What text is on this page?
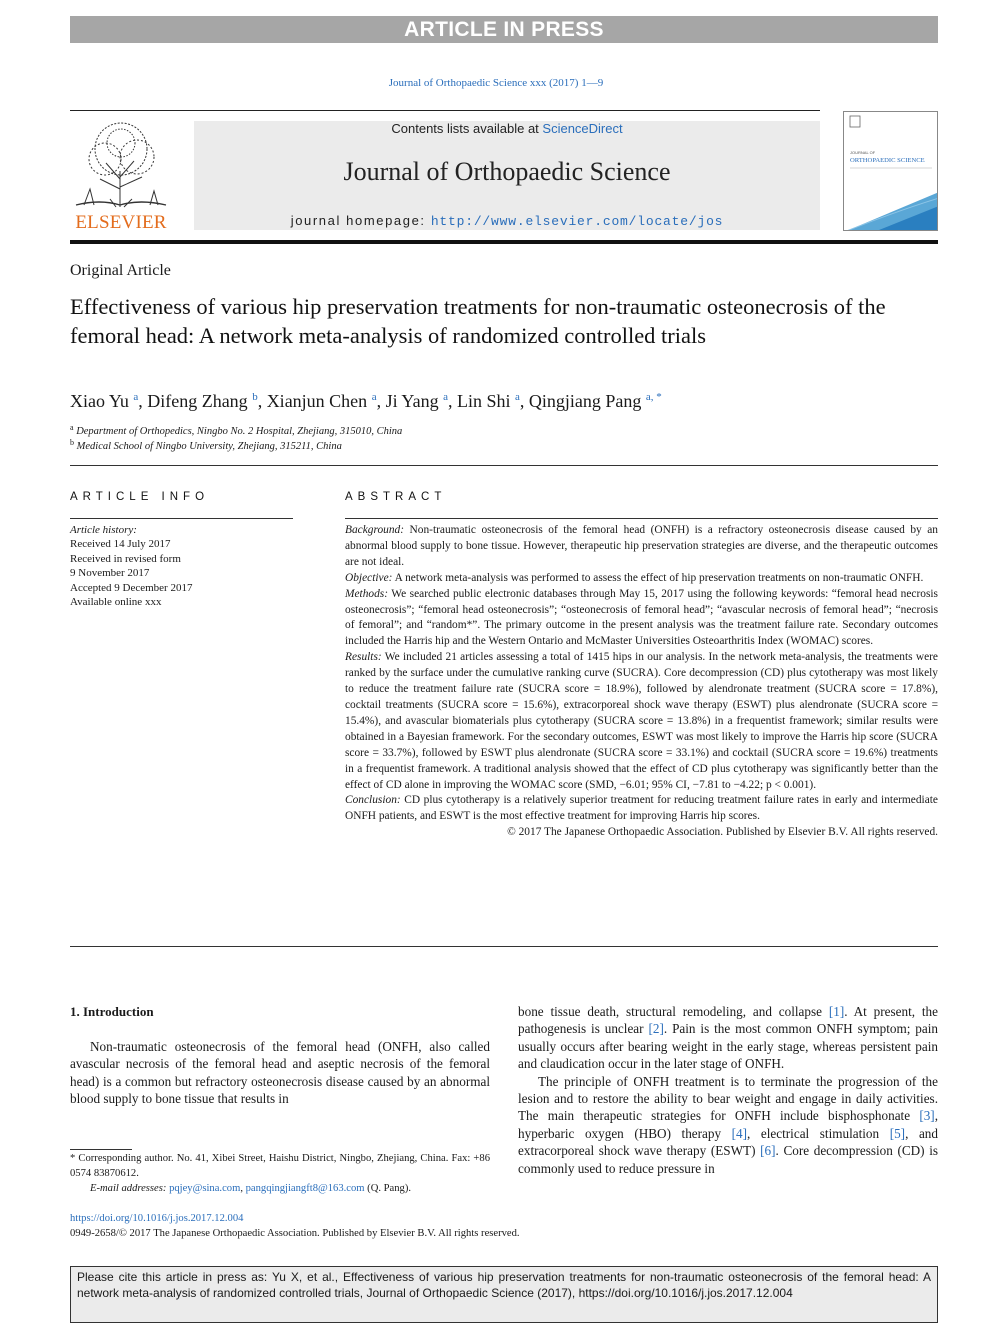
ARTICLE IN PRESS
Journal of Orthopaedic Science xxx (2017) 1—9
ELSEVIER
Contents lists available at ScienceDirect
Journal of Orthopaedic Science
journal homepage: http://www.elsevier.com/locate/jos
JOURNAL OF
ORTHOPAEDIC SCIENCE
Original Article
Effectiveness of various hip preservation treatments for non-traumatic osteonecrosis of the femoral head: A network meta-analysis of randomized controlled trials
Xiao Yu $^a$, Difeng Zhang $^b$, Xianjun Chen $^a$, Ji Yang $^a$, Lin Shi $^a$, Qingjiang Pang $^{a, *}$
$^a$ Department of Orthopedics, Ningbo No. 2 Hospital, Zhejiang, 315010, China
$^b$ Medical School of Ningbo University, Zhejiang, 315211, China
ARTICLE INFO	ABSTRACT
Article history:
Received 14 July 2017
Received in revised form
9 November 2017
Accepted 9 December 2017
Available online xxx

Background: Non-traumatic osteonecrosis of the femoral head (ONFH) is a refractory osteonecrosis disease caused by an abnormal blood supply to bone tissue. However, therapeutic hip preservation strategies are diverse, and the therapeutic outcomes are not ideal.

Objective: A network meta-analysis was performed to assess the effect of hip preservation treatments on non-traumatic ONFH.

Methods: We searched public electronic databases through May 15, 2017 using the following keywords: “femoral head necrosis osteonecrosis”; “femoral head osteonecrosis”; “osteonecrosis of femoral head”; “avascular necrosis of femoral head”; “necrosis of femoral”; and “random*”. The primary outcome in the present analysis was the treatment failure rate. Secondary outcomes included the Harris hip and the Western Ontario and McMaster Universities Osteoarthritis Index (WOMAC) scores.

Results: We included 21 articles assessing a total of 1415 hips in our analysis. In the network meta-analysis, the treatments were ranked by the surface under the cumulative ranking curve (SUCRA). Core decompression (CD) plus cytotherapy was most likely to reduce the treatment failure rate (SUCRA score = 18.9%), followed by alendronate treatment (SUCRA score = 17.8%), cocktail treatments (SUCRA score = 15.6%), extracorporeal shock wave therapy (ESWT) plus alendronate (SUCRA score = 15.4%), and avascular biomaterials plus cytotherapy (SUCRA score = 13.8%) in a frequentist framework; similar results were obtained in a Bayesian framework. For the secondary outcomes, ESWT was most likely to improve the Harris hip score (SUCRA score = 33.7%), followed by ESWT plus alendronate (SUCRA score = 33.1%) and cocktail (SUCRA score = 19.6%) treatments in a frequentist framework. A traditional analysis showed that the effect of CD plus cytotherapy was significantly better than the effect of CD alone in improving the WOMAC score (SMD, −6.01; 95% CI, −7.81 to −4.22; p < 0.001).

Conclusion: CD plus cytotherapy is a relatively superior treatment for reducing treatment failure rates in early and intermediate ONFH patients, and ESWT is the most effective treatment for improving Harris hip scores.

© 2017 The Japanese Orthopaedic Association. Published by Elsevier B.V. All rights reserved.

1. Introduction

Non-traumatic osteonecrosis of the femoral head (ONFH, also called avascular necrosis of the femoral head and aseptic necrosis of the femoral head) is a common but refractory osteonecrosis disease caused by an abnormal blood supply to bone tissue that results in

bone tissue death, structural remodeling, and collapse [1]. At present, the pathogenesis is unclear [2]. Pain is the most common ONFH symptom; pain usually occurs after bearing weight in the early stage, whereas persistent pain and claudication occur in the later stage of ONFH.

The principle of ONFH treatment is to terminate the progression of the lesion and to restore the ability to bear weight and engage in daily activities. The main therapeutic strategies for ONFH include bisphosphonate [3], hyperbaric oxygen (HBO) therapy [4], electrical stimulation [5], and extracorporeal shock wave therapy (ESWT) [6]. Core decompression (CD) is commonly used to reduce pressure in

* Corresponding author. No. 41, Xibei Street, Haishu District, Ningbo, Zhejiang, China. Fax: +86 0574 83870612.
E-mail addresses: pqjey@sina.com, pangqingjiangft8@163.com (Q. Pang).
https://doi.org/10.1016/j.jos.2017.12.004
0949-2658/© 2017 The Japanese Orthopaedic Association. Published by Elsevier B.V. All rights reserved.
Please cite this article in press as: Yu X, et al., Effectiveness of various hip preservation treatments for non-traumatic osteonecrosis of the femoral head: A network meta-analysis of randomized controlled trials, Journal of Orthopaedic Science (2017), https://doi.org/10.1016/j.jos.2017.12.004
